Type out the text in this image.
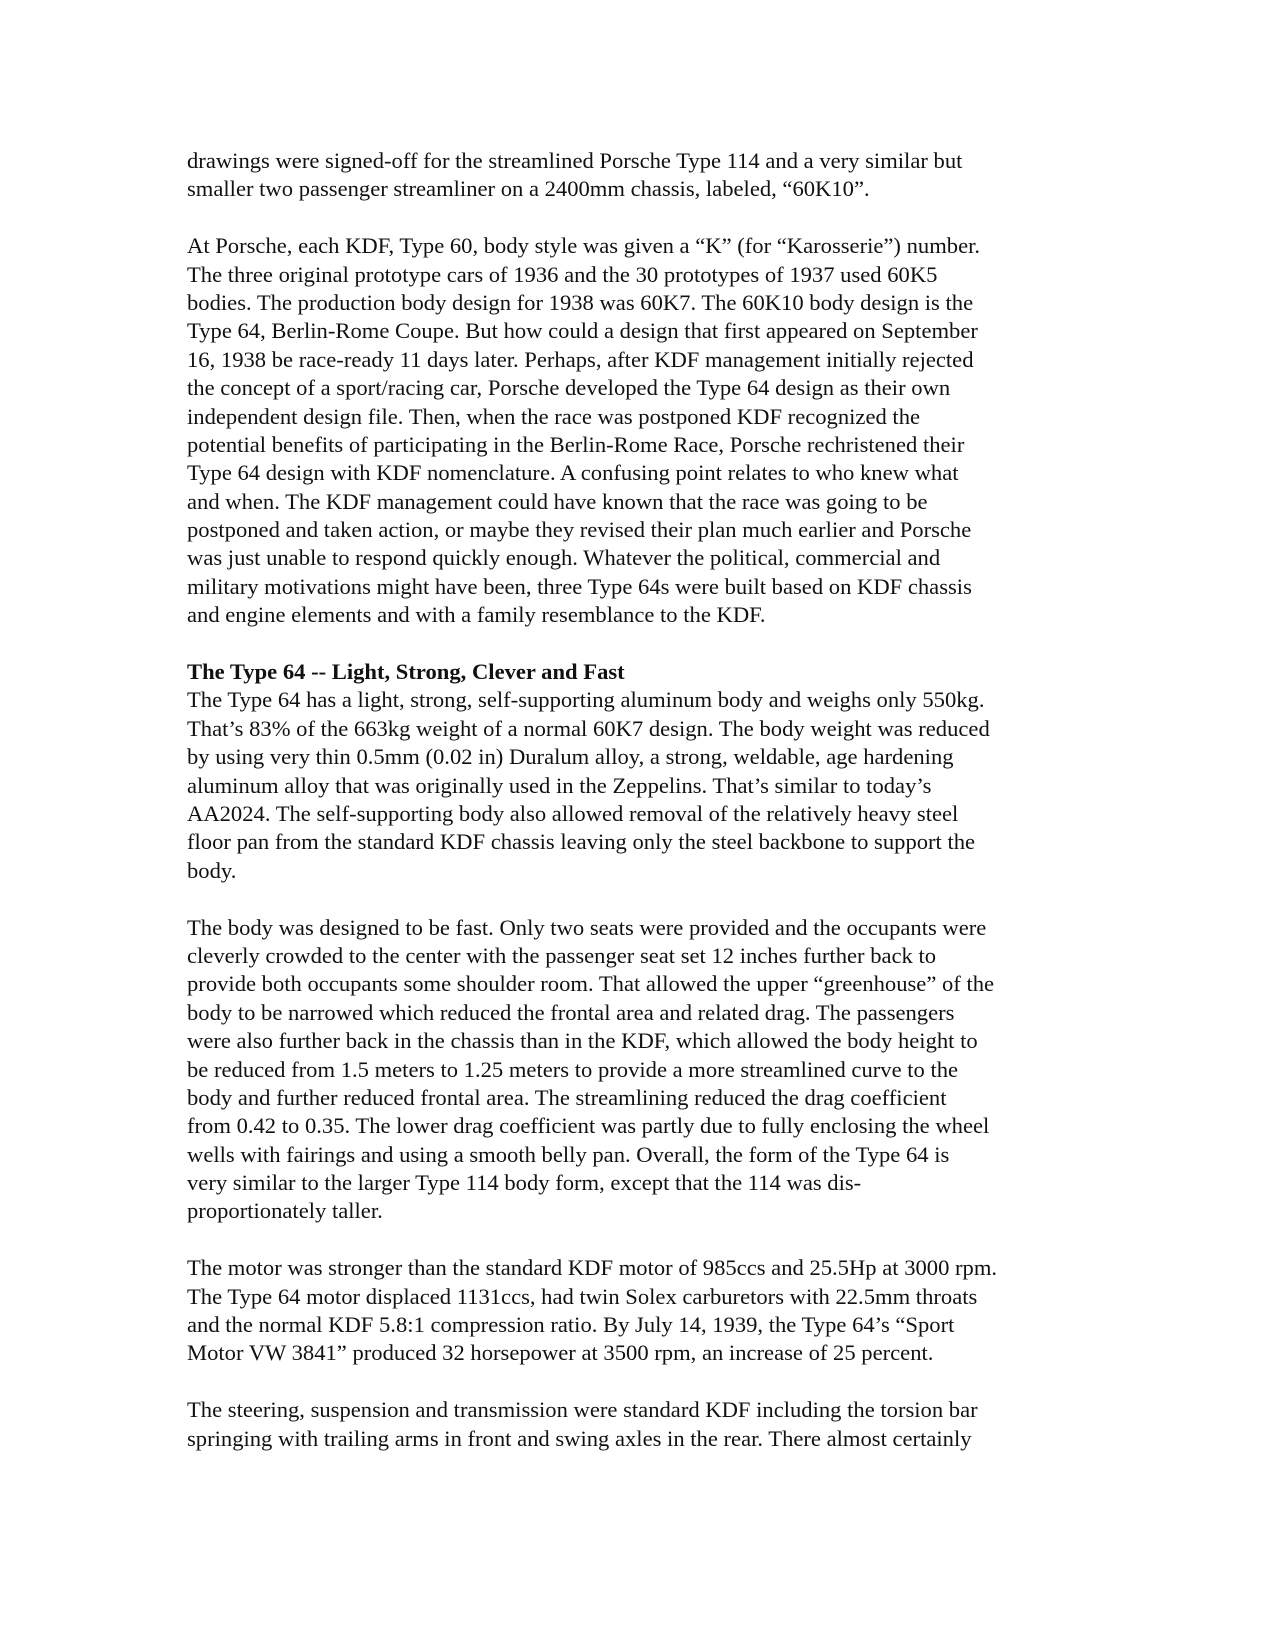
drawings were signed-off for the streamlined Porsche Type 114 and a very similar but
smaller two passenger streamliner on a 2400mm chassis, labeled, “60K10”.
At Porsche, each KDF, Type 60, body style was given a “K” (for “Karosserie”) number.
The three original prototype cars of 1936 and the 30 prototypes of 1937 used 60K5
bodies. The production body design for 1938 was 60K7. The 60K10 body design is the
Type 64, Berlin-Rome Coupe. But how could a design that first appeared on September
16, 1938 be race-ready 11 days later. Perhaps, after KDF management initially rejected
the concept of a sport/racing car, Porsche developed the Type 64 design as their own
independent design file. Then, when the race was postponed KDF recognized the
potential benefits of participating in the Berlin-Rome Race, Porsche rechristened their
Type 64 design with KDF nomenclature. A confusing point relates to who knew what
and when. The KDF management could have known that the race was going to be
postponed and taken action, or maybe they revised their plan much earlier and Porsche
was just unable to respond quickly enough. Whatever the political, commercial and
military motivations might have been, three Type 64s were built based on KDF chassis
and engine elements and with a family resemblance to the KDF.
The Type 64 -- Light, Strong, Clever and Fast
The Type 64 has a light, strong, self-supporting aluminum body and weighs only 550kg.
That’s 83% of the 663kg weight of a normal 60K7 design. The body weight was reduced
by using very thin 0.5mm (0.02 in) Duralum alloy, a strong, weldable, age hardening
aluminum alloy that was originally used in the Zeppelins. That’s similar to today’s
AA2024. The self-supporting body also allowed removal of the relatively heavy steel
floor pan from the standard KDF chassis leaving only the steel backbone to support the
body.
The body was designed to be fast. Only two seats were provided and the occupants were
cleverly crowded to the center with the passenger seat set 12 inches further back to
provide both occupants some shoulder room. That allowed the upper “greenhouse” of the
body to be narrowed which reduced the frontal area and related drag. The passengers
were also further back in the chassis than in the KDF, which allowed the body height to
be reduced from 1.5 meters to 1.25 meters to provide a more streamlined curve to the
body and further reduced frontal area. The streamlining reduced the drag coefficient
from 0.42 to 0.35. The lower drag coefficient was partly due to fully enclosing the wheel
wells with fairings and using a smooth belly pan. Overall, the form of the Type 64 is
very similar to the larger Type 114 body form, except that the 114 was dis-
proportionately taller.
The motor was stronger than the standard KDF motor of 985ccs and 25.5Hp at 3000 rpm.
The Type 64 motor displaced 1131ccs, had twin Solex carburetors with 22.5mm throats
and the normal KDF 5.8:1 compression ratio. By July 14, 1939, the Type 64’s “Sport
Motor VW 3841” produced 32 horsepower at 3500 rpm, an increase of 25 percent.
The steering, suspension and transmission were standard KDF including the torsion bar
springing with trailing arms in front and swing axles in the rear. There almost certainly
